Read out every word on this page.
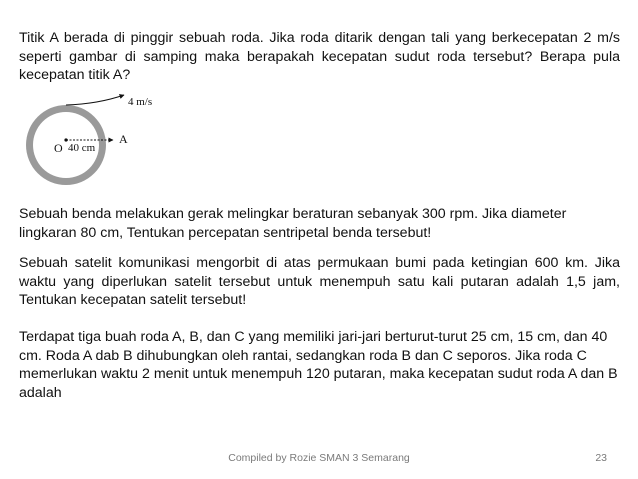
Titik A berada di pinggir sebuah roda. Jika roda ditarik dengan tali yang berkecepatan 2 m/s seperti gambar di samping maka berapakah kecepatan sudut roda tersebut? Berapa pula kecepatan titik A?

4 m/s
O 40 cm
A

Sebuah benda melakukan gerak melingkar beraturan sebanyak 300 rpm. Jika diameter lingkaran 80 cm, Tentukan percepatan sentripetal benda tersebut!

Sebuah satelit komunikasi mengorbit di atas permukaan bumi pada ketingian 600 km. Jika waktu yang diperlukan satelit tersebut untuk menempuh satu kali putaran adalah 1,5 jam, Tentukan kecepatan satelit tersebut!

Terdapat tiga buah roda A, B, dan C yang memiliki jari-jari berturut-turut 25 cm, 15 cm, dan 40 cm. Roda A dab B dihubungkan oleh rantai, sedangkan roda B dan C seporos. Jika roda C memerlukan waktu 2 menit untuk menempuh 120 putaran, maka kecepatan sudut roda A dan B adalah

Compiled by Rozie SMAN 3 Semarang	23
